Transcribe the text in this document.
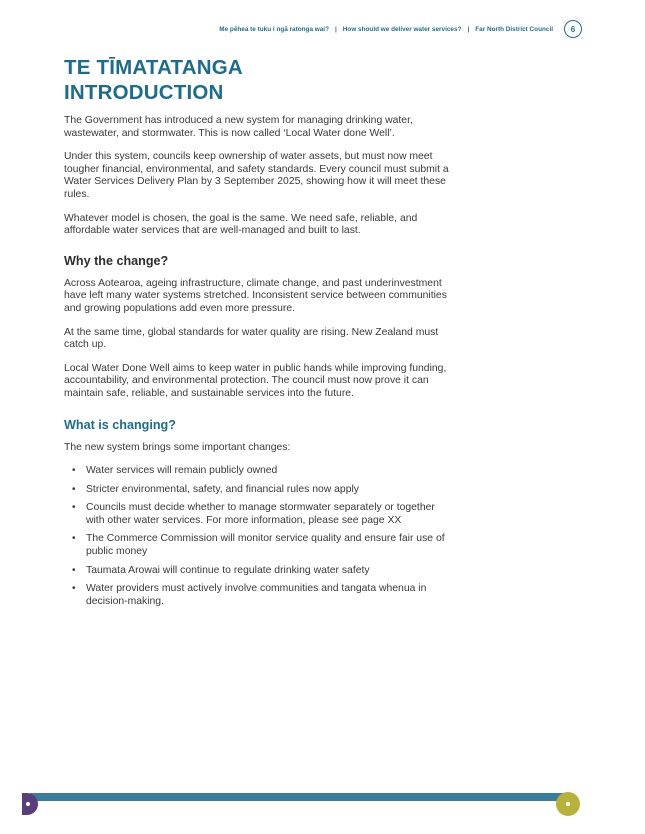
Me pēhea te tuku i ngā ratonga wai? | How should we deliver water services? | Far North District Council 6
TE TĪMATATANGA
INTRODUCTION

The Government has introduced a new system for managing drinking water, wastewater, and stormwater. This is now called ‘Local Water done Well’.

Under this system, councils keep ownership of water assets, but must now meet tougher financial, environmental, and safety standards. Every council must submit a Water Services Delivery Plan by 3 September 2025, showing how it will meet these rules.

Whatever model is chosen, the goal is the same. We need safe, reliable, and affordable water services that are well-managed and built to last.

Why the change?

Across Aotearoa, ageing infrastructure, climate change, and past underinvestment have left many water systems stretched. Inconsistent service between communities and growing populations add even more pressure.

At the same time, global standards for water quality are rising. New Zealand must catch up.

Local Water Done Well aims to keep water in public hands while improving funding, accountability, and environmental protection. The council must now prove it can maintain safe, reliable, and sustainable services into the future.

What is changing?

The new system brings some important changes:

• Water services will remain publicly owned
• Stricter environmental, safety, and financial rules now apply
• Councils must decide whether to manage stormwater separately or together with other water services. For more information, please see page XX
• The Commerce Commission will monitor service quality and ensure fair use of public money
• Taumata Arowai will continue to regulate drinking water safety
• Water providers must actively involve communities and tangata whenua in decision-making.
